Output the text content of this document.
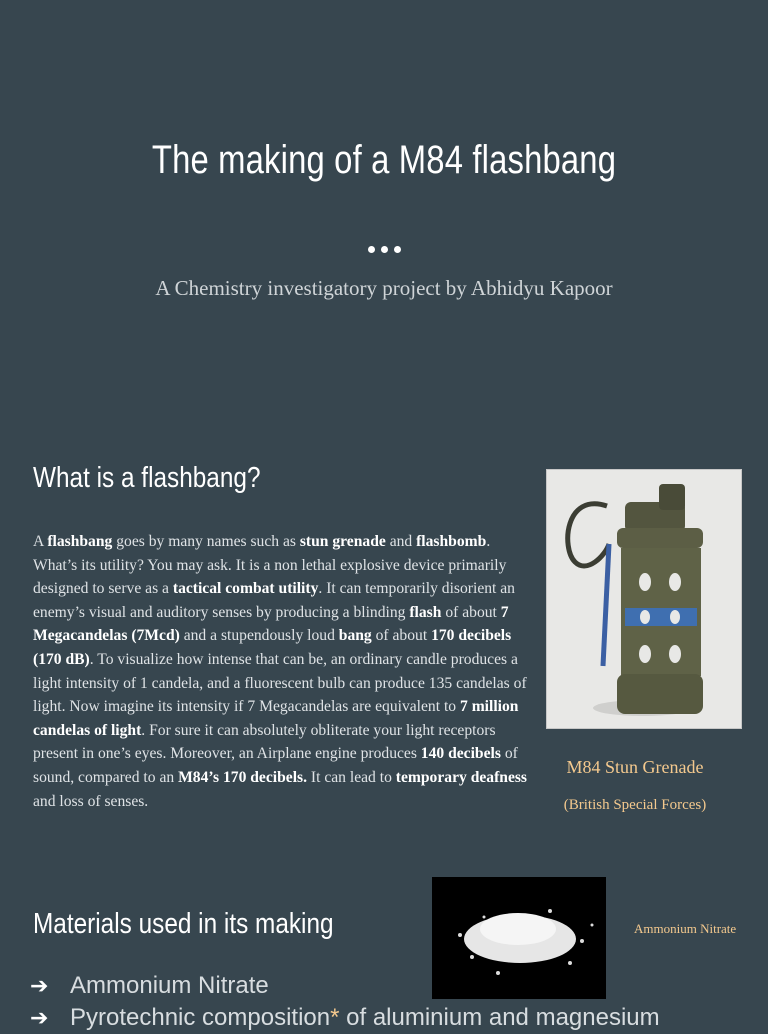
The making of a M84 flashbang
A Chemistry investigatory project by Abhidyu Kapoor
What is a flashbang?
A flashbang goes by many names such as stun grenade and flashbomb. What’s its utility? You may ask. It is a non lethal explosive device primarily designed to serve as a tactical combat utility. It can temporarily disorient an enemy’s visual and auditory senses by producing a blinding flash of about 7 Megacandelas (7Mcd) and a stupendously loud bang of about 170 decibels (170 dB). To visualize how intense that can be, an ordinary candle produces a light intensity of 1 candela, and a fluorescent bulb can produce 135 candelas of light. Now imagine its intensity if 7 Megacandelas are equivalent to 7 million candelas of light. For sure it can absolutely obliterate your light receptors present in one’s eyes. Moreover, an Airplane engine produces 140 decibels of sound, compared to an M84’s 170 decibels. It can lead to temporary deafness and loss of senses.
M84 Stun Grenade
(British Special Forces)
Materials used in its making	Ammonium Nitrate
➔ Ammonium Nitrate
➔ Pyrotechnic composition* of aluminium and magnesium
